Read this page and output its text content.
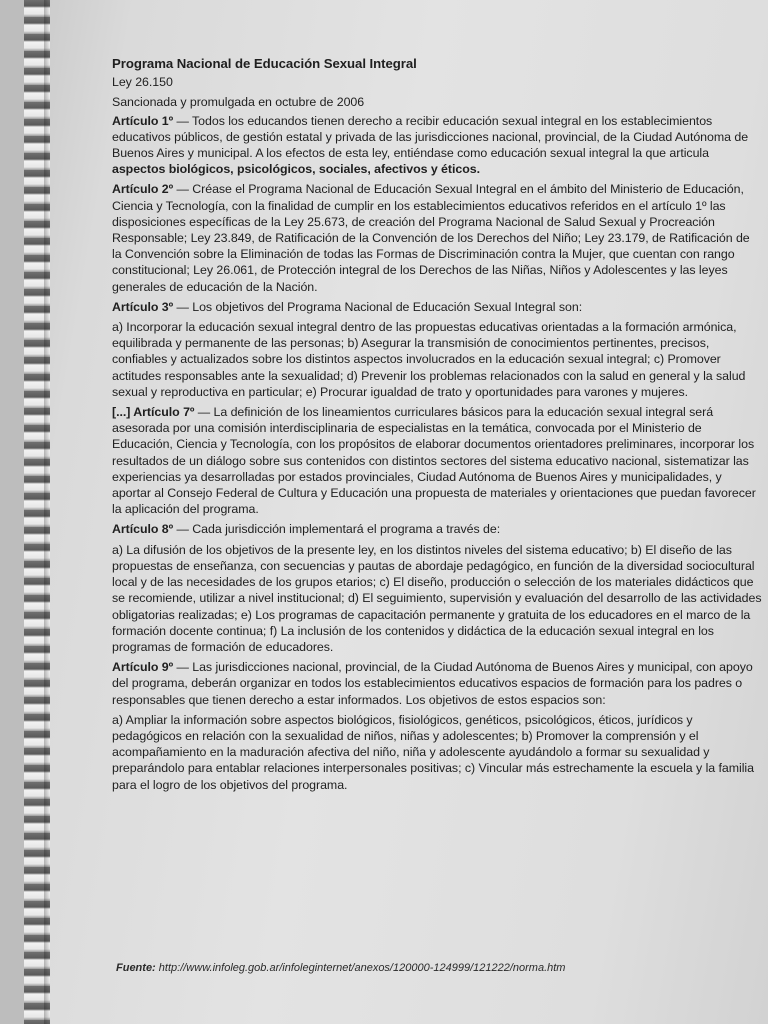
Programa Nacional de Educación Sexual Integral
Ley 26.150
Sancionada y promulgada en octubre de 2006

Artículo 1º — Todos los educandos tienen derecho a recibir educación sexual integral en los establecimientos educativos públicos, de gestión estatal y privada de las jurisdicciones nacional, provincial, de la Ciudad Autónoma de Buenos Aires y municipal. A los efectos de esta ley, entiéndase como educación sexual integral la que articula aspectos biológicos, psicológicos, sociales, afectivos y éticos.

Artículo 2º — Créase el Programa Nacional de Educación Sexual Integral en el ámbito del Ministerio de Educación, Ciencia y Tecnología, con la finalidad de cumplir en los establecimientos educativos referidos en el artículo 1º las disposiciones específicas de la Ley 25.673, de creación del Programa Nacional de Salud Sexual y Procreación Responsable; Ley 23.849, de Ratificación de la Convención de los Derechos del Niño; Ley 23.179, de Ratificación de la Convención sobre la Eliminación de todas las Formas de Discriminación contra la Mujer, que cuentan con rango constitucional; Ley 26.061, de Protección integral de los Derechos de las Niñas, Niños y Adolescentes y las leyes generales de educación de la Nación.

Artículo 3º — Los objetivos del Programa Nacional de Educación Sexual Integral son:

a) Incorporar la educación sexual integral dentro de las propuestas educativas orientadas a la formación armónica, equilibrada y permanente de las personas; b) Asegurar la transmisión de conocimientos pertinentes, precisos, confiables y actualizados sobre los distintos aspectos involucrados en la educación sexual integral; c) Promover actitudes responsables ante la sexualidad; d) Prevenir los problemas relacionados con la salud en general y la salud sexual y reproductiva en particular; e) Procurar igualdad de trato y oportunidades para varones y mujeres.

[...] Artículo 7º — La definición de los lineamientos curriculares básicos para la educación sexual integral será asesorada por una comisión interdisciplinaria de especialistas en la temática, convocada por el Ministerio de Educación, Ciencia y Tecnología, con los propósitos de elaborar documentos orientadores preliminares, incorporar los resultados de un diálogo sobre sus contenidos con distintos sectores del sistema educativo nacional, sistematizar las experiencias ya desarrolladas por estados provinciales, Ciudad Autónoma de Buenos Aires y municipalidades, y aportar al Consejo Federal de Cultura y Educación una propuesta de materiales y orientaciones que puedan favorecer la aplicación del programa.

Artículo 8º — Cada jurisdicción implementará el programa a través de:

a) La difusión de los objetivos de la presente ley, en los distintos niveles del sistema educativo; b) El diseño de las propuestas de enseñanza, con secuencias y pautas de abordaje pedagógico, en función de la diversidad sociocultural local y de las necesidades de los grupos etarios; c) El diseño, producción o selección de los materiales didácticos que se recomiende, utilizar a nivel institucional; d) El seguimiento, supervisión y evaluación del desarrollo de las actividades obligatorias realizadas; e) Los programas de capacitación permanente y gratuita de los educadores en el marco de la formación docente continua; f) La inclusión de los contenidos y didáctica de la educación sexual integral en los programas de formación de educadores.

Artículo 9º — Las jurisdicciones nacional, provincial, de la Ciudad Autónoma de Buenos Aires y municipal, con apoyo del programa, deberán organizar en todos los establecimientos educativos espacios de formación para los padres o responsables que tienen derecho a estar informados. Los objetivos de estos espacios son:

a) Ampliar la información sobre aspectos biológicos, fisiológicos, genéticos, psicológicos, éticos, jurídicos y pedagógicos en relación con la sexualidad de niños, niñas y adolescentes; b) Promover la comprensión y el acompañamiento en la maduración afectiva del niño, niña y adolescente ayudándolo a formar su sexualidad y preparándolo para entablar relaciones interpersonales positivas; c) Vincular más estrechamente la escuela y la familia para el logro de los objetivos del programa.

Fuente: http://www.infoleg.gob.ar/infoleginternet/anexos/120000-124999/121222/norma.htm
